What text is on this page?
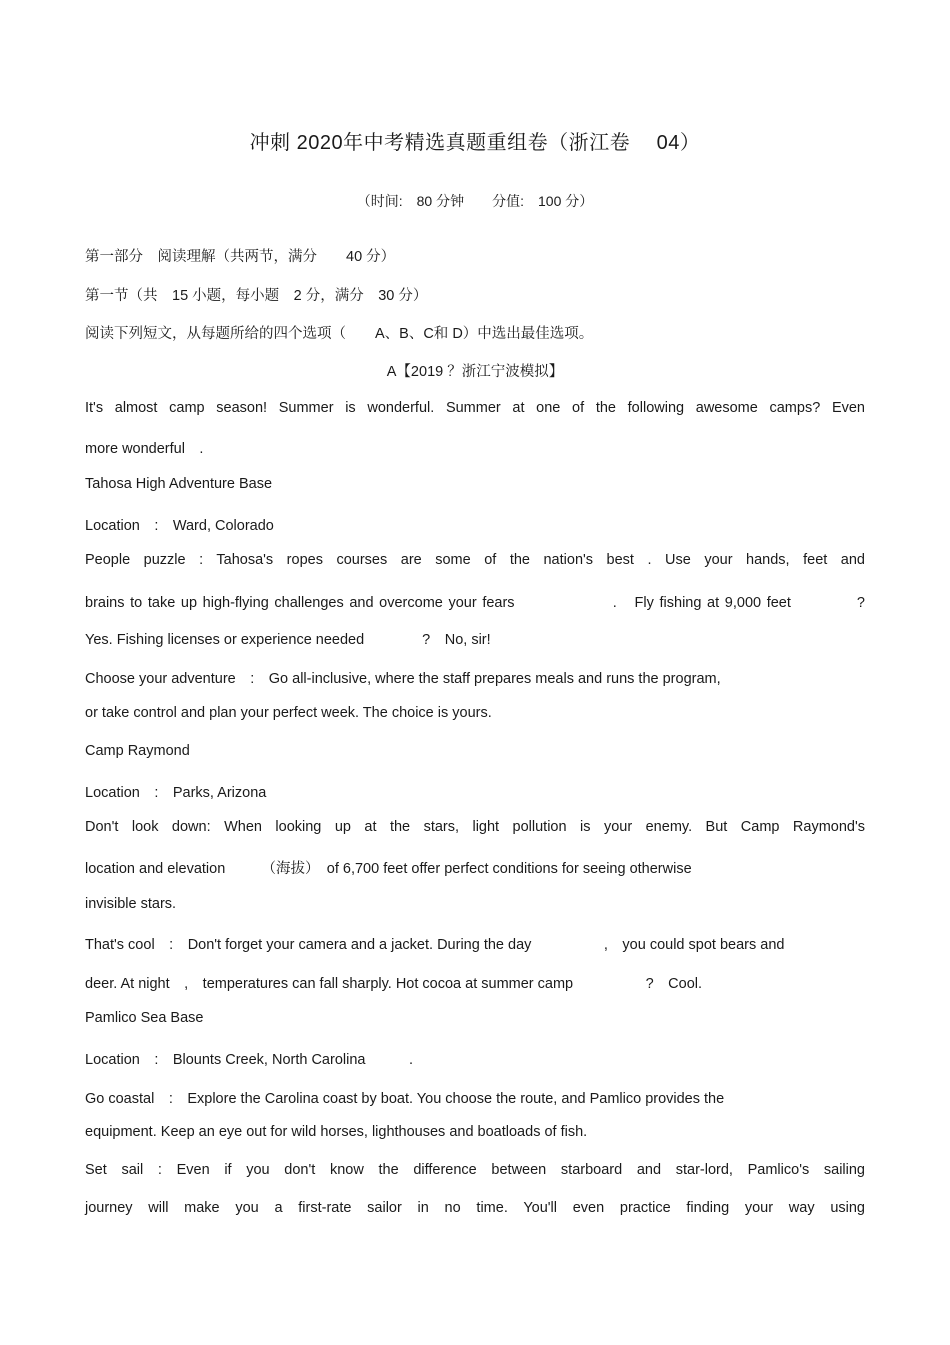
冲刺 2020年中考精选真题重组卷（浙江卷　 04）
（时间:　80 分钟　　分值:　100 分）
第一部分　阅读理解（共两节，满分　　40 分）
第一节（共　15 小题，每小题　2 分，满分　30 分）
阅读下列短文，从每题所给的四个选项（　　A、B、C和 D）中选出最佳选项。
A【2019 ？浙江宁波模拟】
It's almost camp season! Summer is wonderful. Summer at one of the following awesome camps? Even
more wonderful　.
Tahosa High Adventure Base
Location　:　Ward, Colorado
People puzzle : Tahosa's ropes courses are some of the nation's best . Use your hands, feet and
brains to take up high-flying challenges and overcome your fears　　　　　　.　Fly fishing at 9,000 feet　　　　?
Yes. Fishing licenses or experience needed　　　　?　No, sir!
Choose your adventure　:　Go all-inclusive, where the staff prepares meals and runs the program,
or take control and plan your perfect week. The choice is yours.
Camp Raymond
Location　:　Parks, Arizona
Don't look down: When looking up at the stars, light pollution is your enemy. But Camp Raymond's
location and elevation　　　（海拔）　of 6,700 feet offer perfect conditions for seeing otherwise
invisible stars.
That's cool　:　Don't forget your camera and a jacket. During the day　　　　　,　you could spot bears and
deer. At night　,　temperatures can fall sharply. Hot cocoa at summer camp　　　　　?　Cool.
Pamlico Sea Base
Location　:　Blounts Creek, North Carolina　　　.
Go coastal　:　Explore the Carolina coast by boat. You choose the route, and Pamlico provides the
equipment. Keep an eye out for wild horses, lighthouses and boatloads of fish.
Set sail : Even if you don't know the difference between starboard and star-lord, Pamlico's sailing
journey will make you a first-rate sailor in no time. You'll even practice finding your way using
